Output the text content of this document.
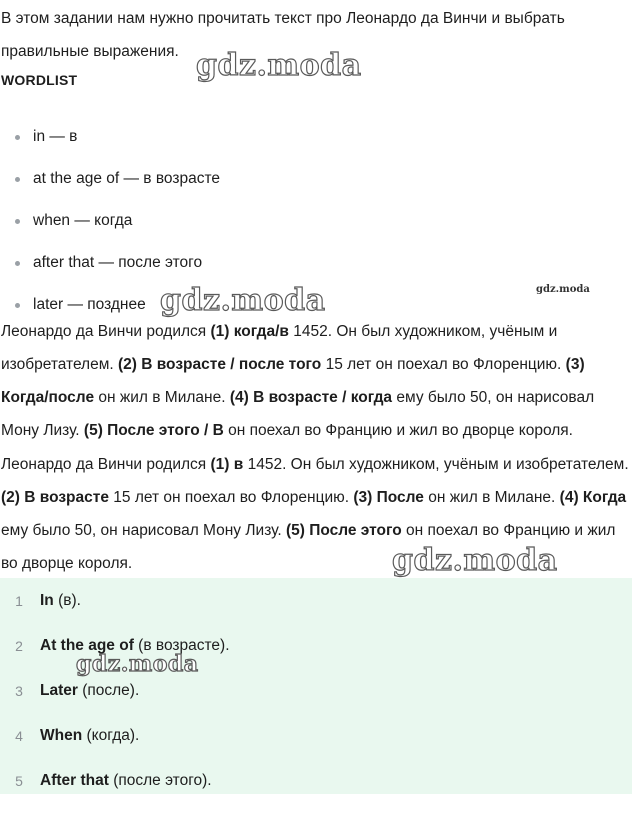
В этом задании нам нужно прочитать текст про Леонардо да Винчи и выбрать правильные выражения.

WORDLIST

in — в
at the age of — в возрасте
when — когда
after that — после этого
later — позднее

Леонардо да Винчи родился (1) когда/в 1452. Он был художником, учёным и изобретателем. (2) В возрасте / после того 15 лет он поехал во Флоренцию. (3) Когда/после он жил в Милане. (4) В возрасте / когда ему было 50, он нарисовал Мону Лизу. (5) После этого / В он поехал во Францию и жил во дворце короля.

Леонардо да Винчи родился (1) в 1452. Он был художником, учёным и изобретателем. (2) В возрасте 15 лет он поехал во Флоренцию. (3) После он жил в Милане. (4) Когда ему было 50, он нарисовал Мону Лизу. (5) После этого он поехал во Францию и жил во дворце короля.

1	In (в).
2	At the age of (в возрасте).
3	Later (после).
4	When (когда).
5	After that (после этого).
gdz.moda
gdz.moda	gdz.moda
gdz.moda
gdz.moda
